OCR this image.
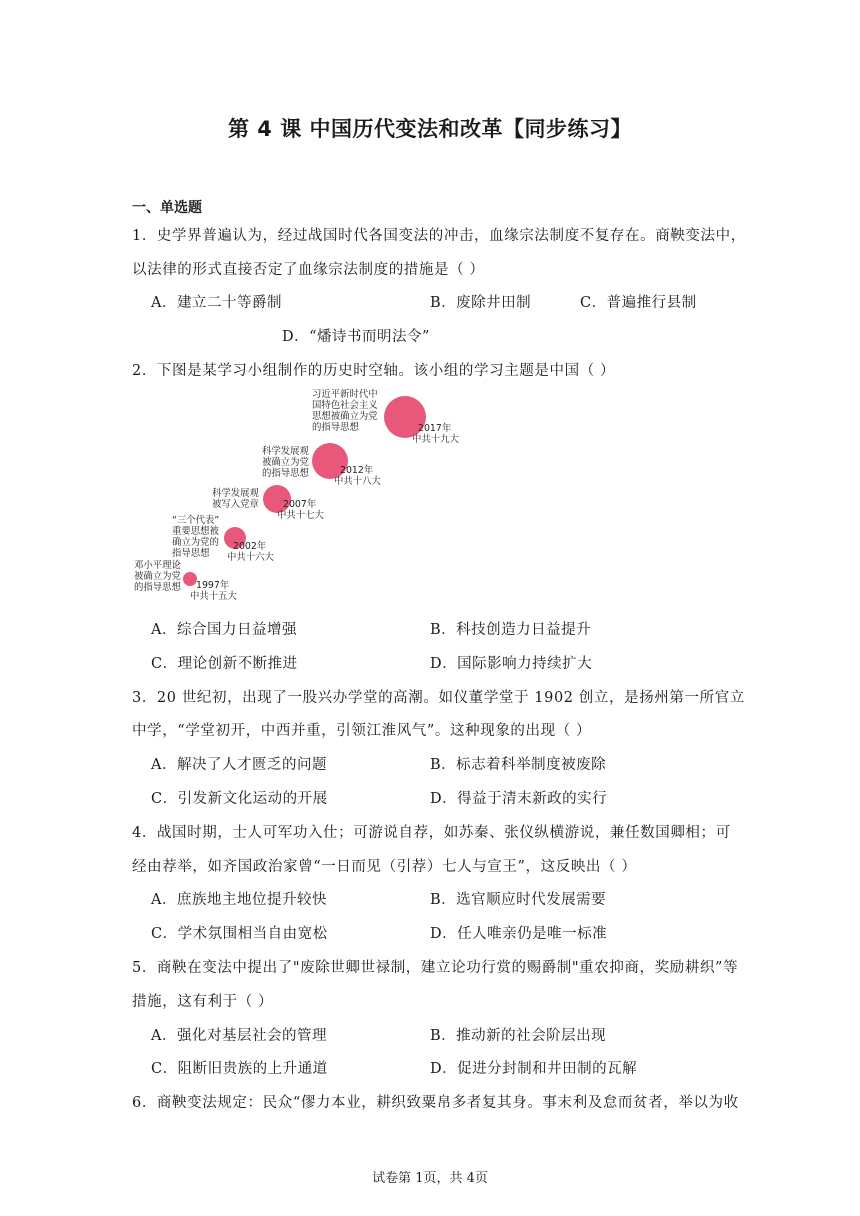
第 4 课 中国历代变法和改革【同步练习】
一、单选题
1．史学界普遍认为，经过战国时代各国变法的冲击，血缘宗法制度不复存在。商鞅变法中，
以法律的形式直接否定了血缘宗法制度的措施是（ ）
A．建立二十等爵制	B．废除井田制	C．普遍推行县制
D．“燔诗书而明法令”
2．下图是某学习小组制作的历史时空轴。该小组的学习主题是中国（ ）
邓小平理论
被确立为党
的指导思想 1997年
中共十五大
“三个代表”
重要思想被
确立为党的
指导思想
2002年
中共十六大
科学发展观
被写入党章	2007年
中共十七大
科学发展观
被确立为党
的指导思想	2012年
中共十八大
习近平新时代中
国特色社会主义
思想被确立为党
的指导思想	2017年
中共十九大
A．综合国力日益增强	B．科技创造力日益提升
C．理论创新不断推进	D．国际影响力持续扩大
3．20 世纪初，出现了一股兴办学堂的高潮。如仪董学堂于 1902 创立，是扬州第一所官立
中学，“学堂初开，中西并重，引领江淮风气”。这种现象的出现（ ）
A．解决了人才匮乏的问题	B．标志着科举制度被废除
C．引发新文化运动的开展	D．得益于清末新政的实行
4．战国时期，士人可军功入仕；可游说自荐，如苏秦、张仪纵横游说，兼任数国卿相；可
经由荐举，如齐国政治家曾“一日而见（引荐）七人与宣王”，这反映出（ ）
A．庶族地主地位提升较快	B．选官顺应时代发展需要
C．学术氛围相当自由宽松	D．任人唯亲仍是唯一标准
5．商鞅在变法中提出了"废除世卿世禄制，建立论功行赏的赐爵制"重农抑商，奖励耕织”等
措施，这有利于（ ）
A．强化对基层社会的管理	B．推动新的社会阶层出现
C．阻断旧贵族的上升通道	D．促进分封制和井田制的瓦解
6．商鞅变法规定：民众“僇力本业，耕织致粟帛多者复其身。事末利及怠而贫者，举以为收
试卷第 1页，共 4页
